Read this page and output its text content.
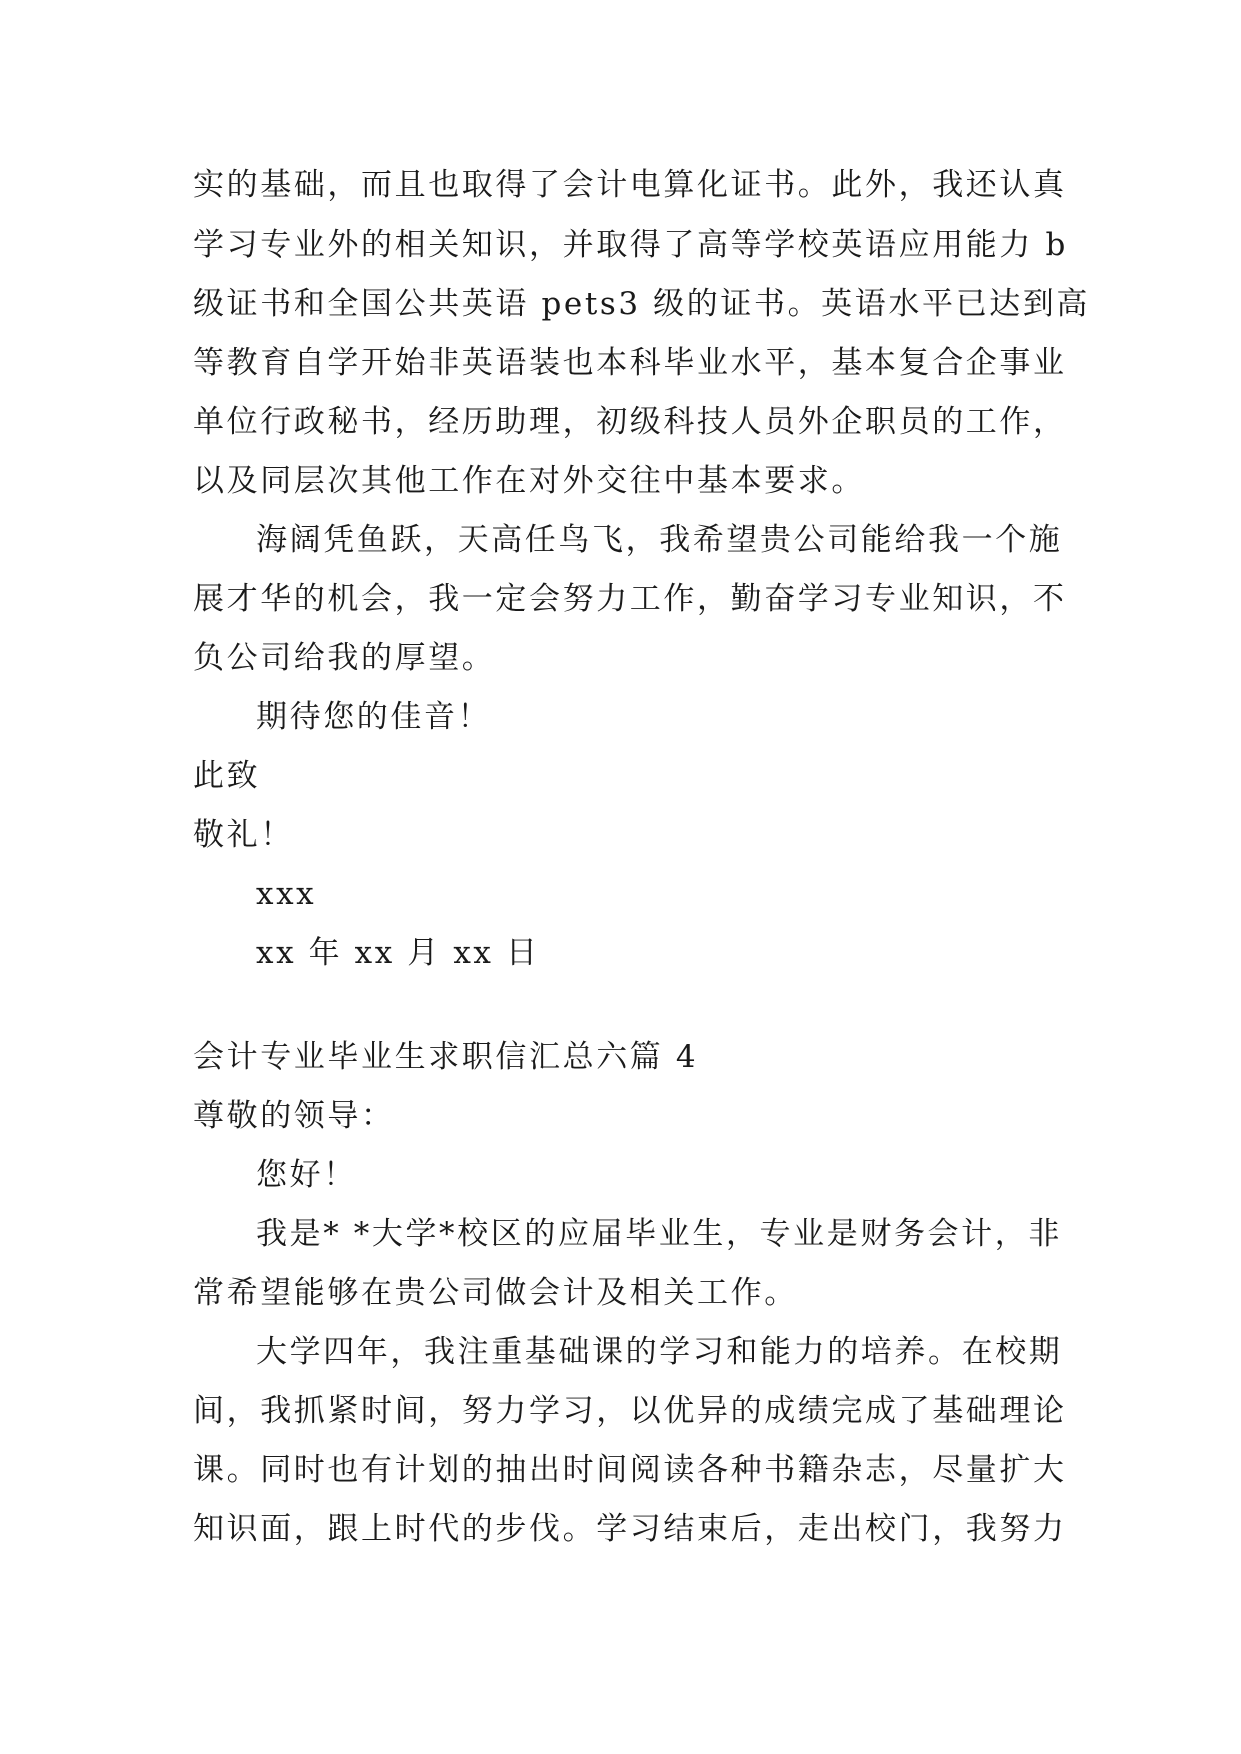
实的基础，而且也取得了会计电算化证书。此外，我还认真
学习专业外的相关知识，并取得了高等学校英语应用能力 b
级证书和全国公共英语 pets3 级的证书。英语水平已达到高
等教育自学开始非英语装也本科毕业水平，基本复合企事业
单位行政秘书，经历助理，初级科技人员外企职员的工作，
以及同层次其他工作在对外交往中基本要求。
海阔凭鱼跃，天高任鸟飞，我希望贵公司能给我一个施
展才华的机会，我一定会努力工作，勤奋学习专业知识，不
负公司给我的厚望。
期待您的佳音！
此致
敬礼！
xxx
xx 年 xx 月 xx 日
会计专业毕业生求职信汇总六篇 4
尊敬的领导：
您好！
我是* *大学*校区的应届毕业生，专业是财务会计，非
常希望能够在贵公司做会计及相关工作。
大学四年，我注重基础课的学习和能力的培养。在校期
间，我抓紧时间，努力学习，以优异的成绩完成了基础理论
课。同时也有计划的抽出时间阅读各种书籍杂志，尽量扩大
知识面，跟上时代的步伐。学习结束后，走出校门，我努力
